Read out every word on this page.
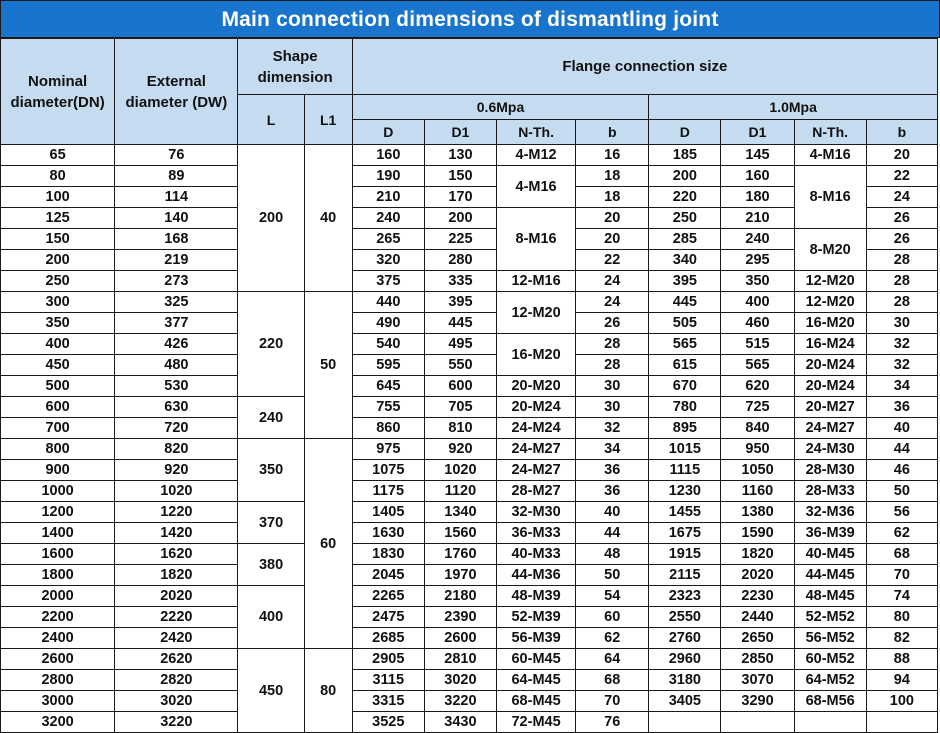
Main connection dimensions of dismantling joint
Nominal diameter(DN)	External diameter (DW)	Shape dimension		Flange connection size							
		L	L1	0.6Mpa				1.0Mpa			
				D	D1	N-Th.	b	D	D1	N-Th.	b
65	76	200	40	160	130	4-M12	16	185	145	4-M16	20
80	89			190	150	4-M16	18	200	160	8-M16	22
100	114			210	170		18	220	180		24
125	140			240	200	8-M16	20	250	210		26
150	168			265	225		20	285	240	8-M20	26
200	219			320	280		22	340	295		28
250	273			375	335	12-M16	24	395	350	12-M20	28
300	325	220	50	440	395	12-M20	24	445	400	12-M20	28
350	377			490	445		26	505	460	16-M20	30
400	426			540	495	16-M20	28	565	515	16-M24	32
450	480			595	550		28	615	565	20-M24	32
500	530			645	600	20-M20	30	670	620	20-M24	34
600	630	240		755	705	20-M24	30	780	725	20-M27	36
700	720			860	810	24-M24	32	895	840	24-M27	40
800	820	350	60	975	920	24-M27	34	1015	950	24-M30	44
900	920			1075	1020	24-M27	36	1115	1050	28-M30	46
1000	1020			1175	1120	28-M27	36	1230	1160	28-M33	50
1200	1220	370		1405	1340	32-M30	40	1455	1380	32-M36	56
1400	1420			1630	1560	36-M33	44	1675	1590	36-M39	62
1600	1620	380		1830	1760	40-M33	48	1915	1820	40-M45	68
1800	1820			2045	1970	44-M36	50	2115	2020	44-M45	70
2000	2020	400		2265	2180	48-M39	54	2323	2230	48-M45	74
2200	2220			2475	2390	52-M39	60	2550	2440	52-M52	80
2400	2420			2685	2600	56-M39	62	2760	2650	56-M52	82
2600	2620	450	80	2905	2810	60-M45	64	2960	2850	60-M52	88
2800	2820			3115	3020	64-M45	68	3180	3070	64-M52	94
3000	3020			3315	3220	68-M45	70	3405	3290	68-M56	100
3200	3220			3525	3430	72-M45	76				
